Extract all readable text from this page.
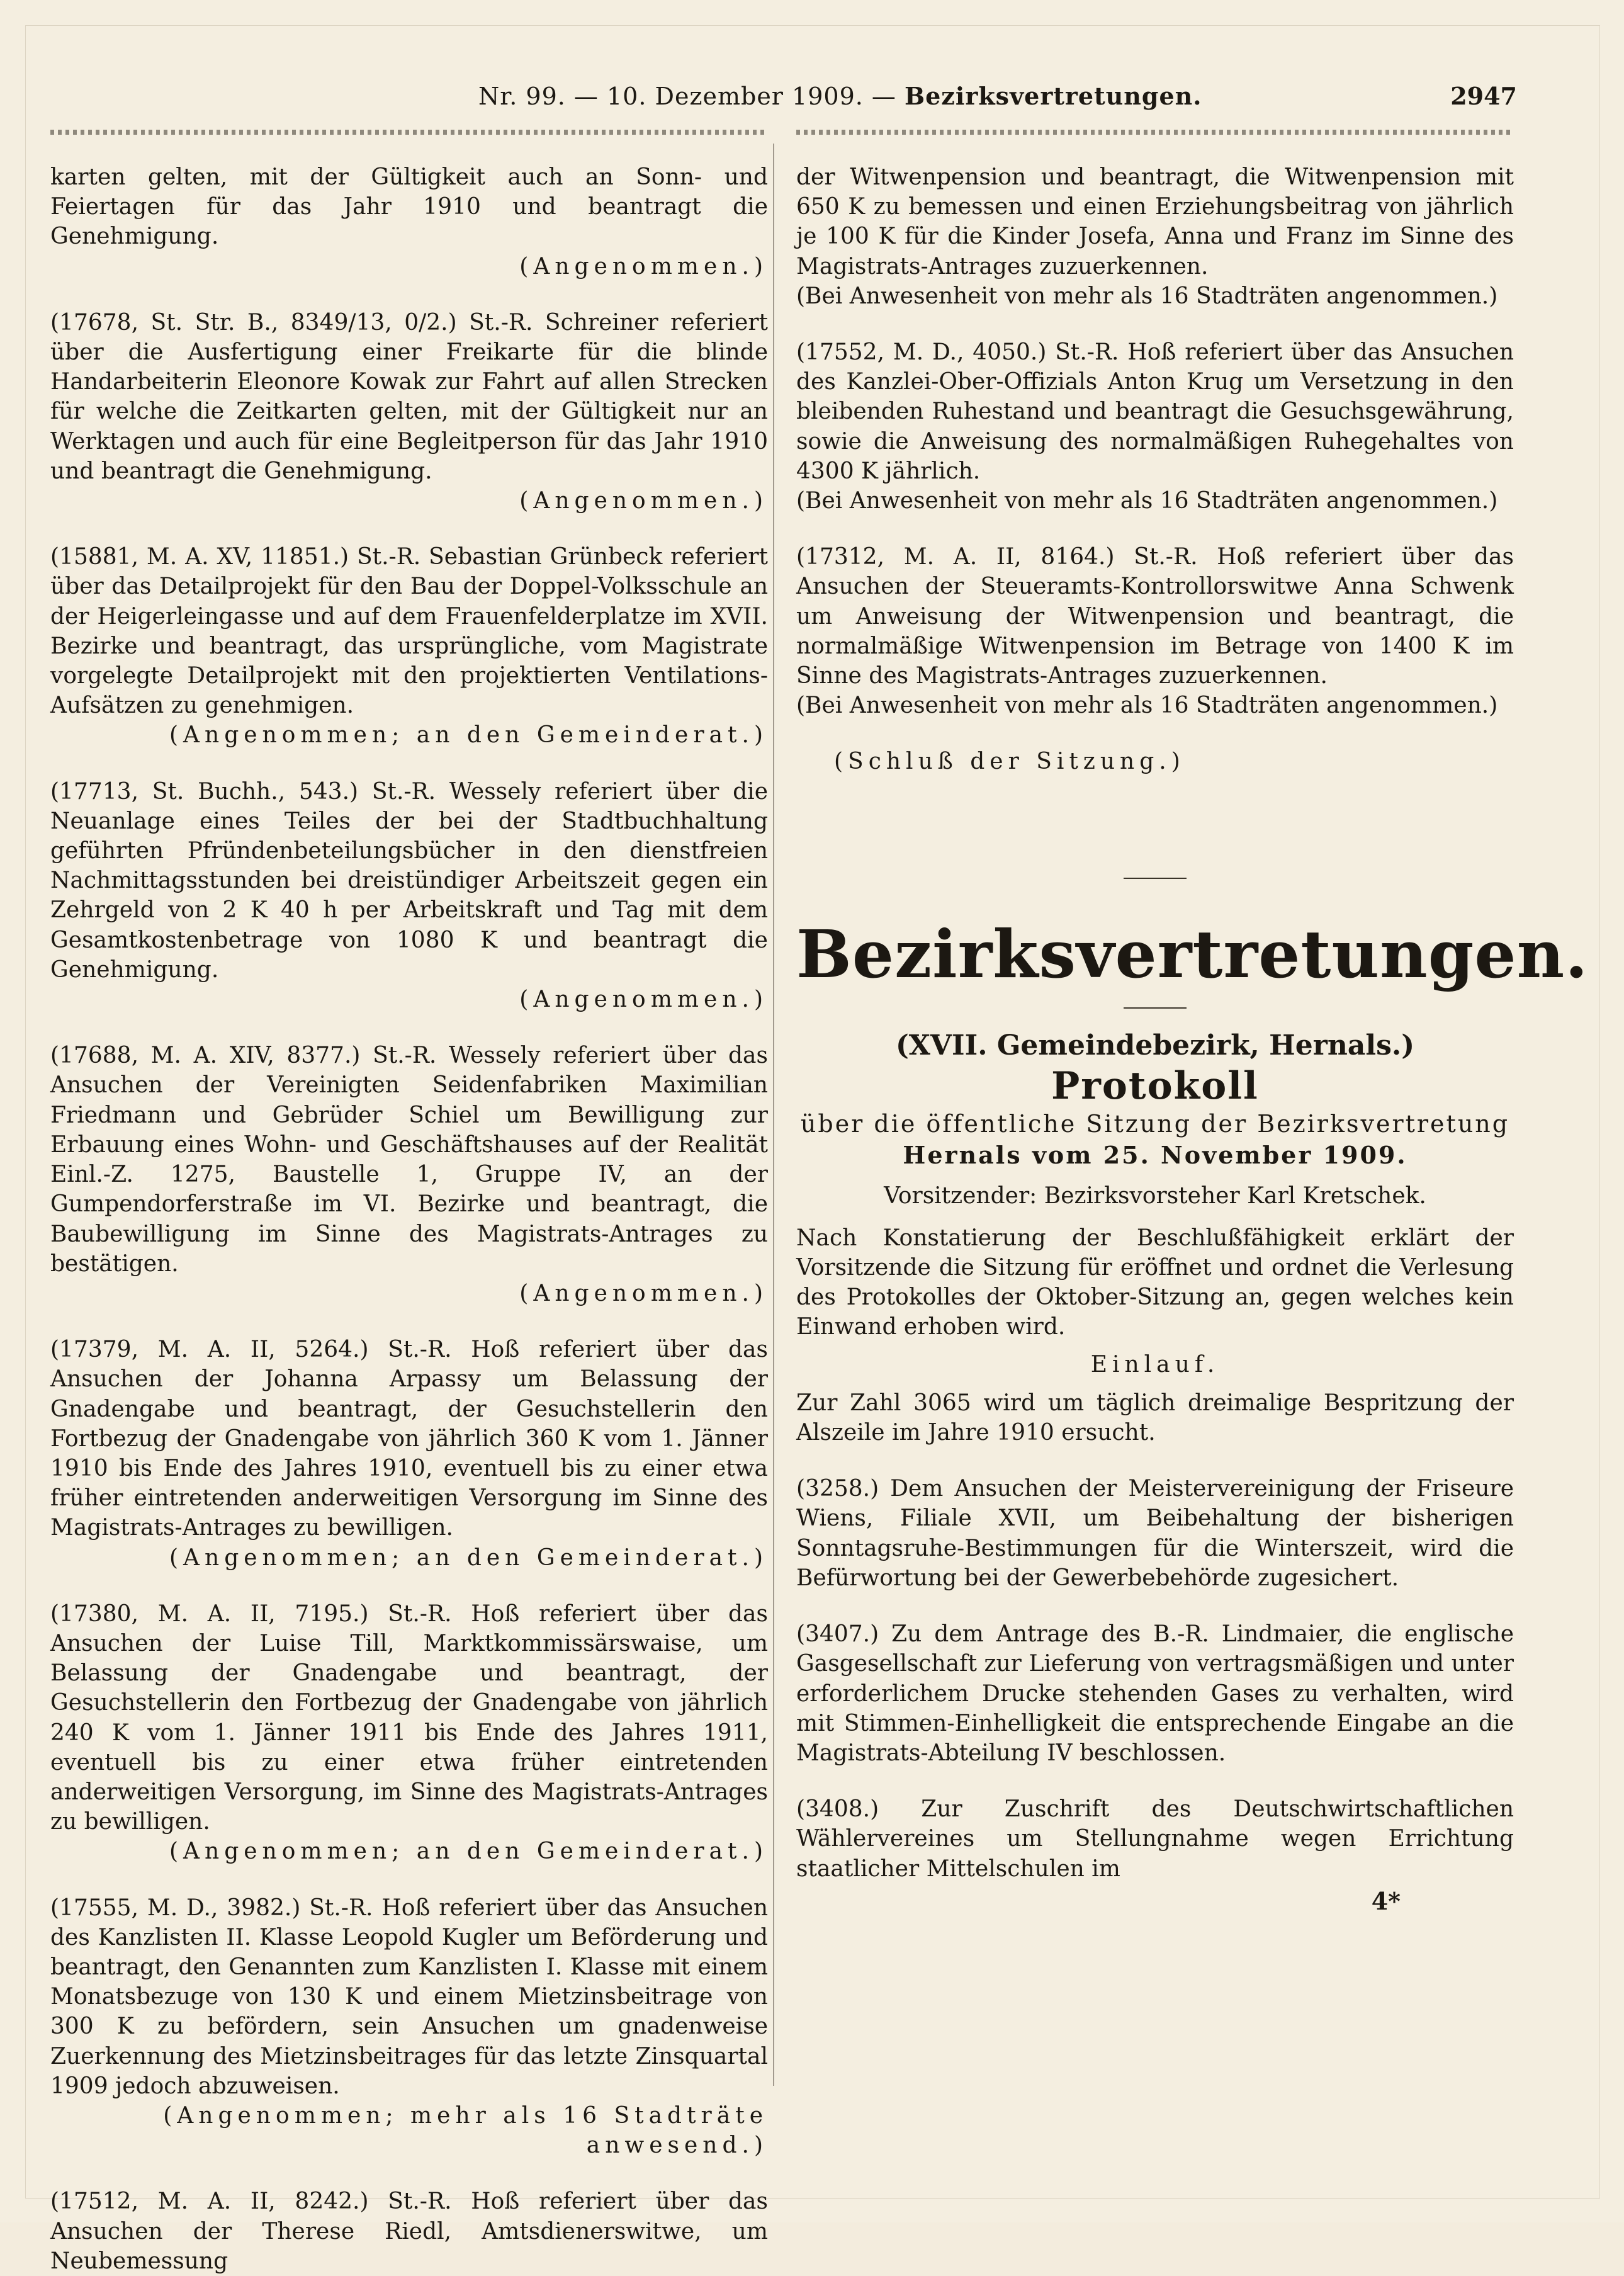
Nr. 99. — 10. Dezember 1909. — Bezirksvertretungen.	2947

karten gelten, mit der Gültigkeit auch an Sonn- und Feiertagen für das Jahr 1910 und beantragt die Genehmigung.

(Angenommen.)

(17678, St. Str. B., 8349/13, 0/2.) St.-R. Schreiner referiert über die Ausfertigung einer Freikarte für die blinde Handarbeiterin Eleonore Kowak zur Fahrt auf allen Strecken für welche die Zeitkarten gelten, mit der Gültigkeit nur an Werktagen und auch für eine Begleitperson für das Jahr 1910 und beantragt die Genehmigung.

(Angenommen.)

(15881, M. A. XV, 11851.) St.-R. Sebastian Grünbeck referiert über das Detailprojekt für den Bau der Doppel-Volksschule an der Heigerleingasse und auf dem Frauenfelderplatze im XVII. Bezirke und beantragt, das ursprüngliche, vom Magistrate vorgelegte Detailprojekt mit den projektierten Ventilations-Aufsätzen zu genehmigen.

(Angenommen; an den Gemeinderat.)

(17713, St. Buchh., 543.) St.-R. Wessely referiert über die Neuanlage eines Teiles der bei der Stadtbuchhaltung geführten Pfründenbeteilungsbücher in den dienstfreien Nachmittagsstunden bei dreistündiger Arbeitszeit gegen ein Zehrgeld von 2 K 40 h per Arbeitskraft und Tag mit dem Gesamtkostenbetrage von 1080 K und beantragt die Genehmigung.

(Angenommen.)

(17688, M. A. XIV, 8377.) St.-R. Wessely referiert über das Ansuchen der Vereinigten Seidenfabriken Maximilian Friedmann und Gebrüder Schiel um Bewilligung zur Erbauung eines Wohn- und Geschäftshauses auf der Realität Einl.-Z. 1275, Baustelle 1, Gruppe IV, an der Gumpendorferstraße im VI. Bezirke und beantragt, die Baubewilligung im Sinne des Magistrats-Antrages zu bestätigen.

(Angenommen.)

(17379, M. A. II, 5264.) St.-R. Hoß referiert über das Ansuchen der Johanna Arpassy um Belassung der Gnadengabe und beantragt, der Gesuchstellerin den Fortbezug der Gnadengabe von jährlich 360 K vom 1. Jänner 1910 bis Ende des Jahres 1910, eventuell bis zu einer etwa früher eintretenden anderweitigen Versorgung im Sinne des Magistrats-Antrages zu bewilligen.

(Angenommen; an den Gemeinderat.)

(17380, M. A. II, 7195.) St.-R. Hoß referiert über das Ansuchen der Luise Till, Marktkommissärswaise, um Belassung der Gnadengabe und beantragt, der Gesuchstellerin den Fortbezug der Gnadengabe von jährlich 240 K vom 1. Jänner 1911 bis Ende des Jahres 1911, eventuell bis zu einer etwa früher eintretenden anderweitigen Versorgung, im Sinne des Magistrats-Antrages zu bewilligen.

(Angenommen; an den Gemeinderat.)

(17555, M. D., 3982.) St.-R. Hoß referiert über das Ansuchen des Kanzlisten II. Klasse Leopold Kugler um Beförderung und beantragt, den Genannten zum Kanzlisten I. Klasse mit einem Monatsbezuge von 130 K und einem Mietzinsbeitrage von 300 K zu befördern, sein Ansuchen um gnadenweise Zuerkennung des Mietzinsbeitrages für das letzte Zinsquartal 1909 jedoch abzuweisen.

(Angenommen; mehr als 16 Stadträte anwesend.)

(17512, M. A. II, 8242.) St.-R. Hoß referiert über das Ansuchen der Therese Riedl, Amtsdienerswitwe, um Neubemessung

der Witwenpension und beantragt, die Witwenpension mit 650 K zu bemessen und einen Erziehungsbeitrag von jährlich je 100 K für die Kinder Josefa, Anna und Franz im Sinne des Magistrats-Antrages zuzuerkennen.

(Bei Anwesenheit von mehr als 16 Stadträten angenommen.)

(17552, M. D., 4050.) St.-R. Hoß referiert über das Ansuchen des Kanzlei-Ober-Offizials Anton Krug um Versetzung in den bleibenden Ruhestand und beantragt die Gesuchsgewährung, sowie die Anweisung des normalmäßigen Ruhegehaltes von 4300 K jährlich.

(Bei Anwesenheit von mehr als 16 Stadträten angenommen.)

(17312, M. A. II, 8164.) St.-R. Hoß referiert über das Ansuchen der Steueramts-Kontrollorswitwe Anna Schwenk um Anweisung der Witwenpension und beantragt, die normalmäßige Witwenpension im Betrage von 1400 K im Sinne des Magistrats-Antrages zuzuerkennen.

(Bei Anwesenheit von mehr als 16 Stadträten angenommen.)

(Schluß der Sitzung.)

Bezirksvertretungen.
(XVII. Gemeindebezirk, Hernals.)
Protokoll
über die öffentliche Sitzung der Bezirksvertretung
Hernals vom 25. November 1909.
Vorsitzender: Bezirksvorsteher Karl Kretschek.

Nach Konstatierung der Beschlußfähigkeit erklärt der Vorsitzende die Sitzung für eröffnet und ordnet die Verlesung des Protokolles der Oktober-Sitzung an, gegen welches kein Einwand erhoben wird.

Einlauf.

Zur Zahl 3065 wird um täglich dreimalige Bespritzung der Alszeile im Jahre 1910 ersucht.

(3258.) Dem Ansuchen der Meistervereinigung der Friseure Wiens, Filiale XVII, um Beibehaltung der bisherigen Sonntagsruhe-Bestimmungen für die Winterszeit, wird die Befürwortung bei der Gewerbebehörde zugesichert.

(3407.) Zu dem Antrage des B.-R. Lindmaier, die englische Gasgesellschaft zur Lieferung von vertragsmäßigen und unter erforderlichem Drucke stehenden Gases zu verhalten, wird mit Stimmen-Einhelligkeit die entsprechende Eingabe an die Magistrats-Abteilung IV beschlossen.

(3408.) Zur Zuschrift des Deutschwirtschaftlichen Wählervereines um Stellungnahme wegen Errichtung staatlicher Mittelschulen im

4*
